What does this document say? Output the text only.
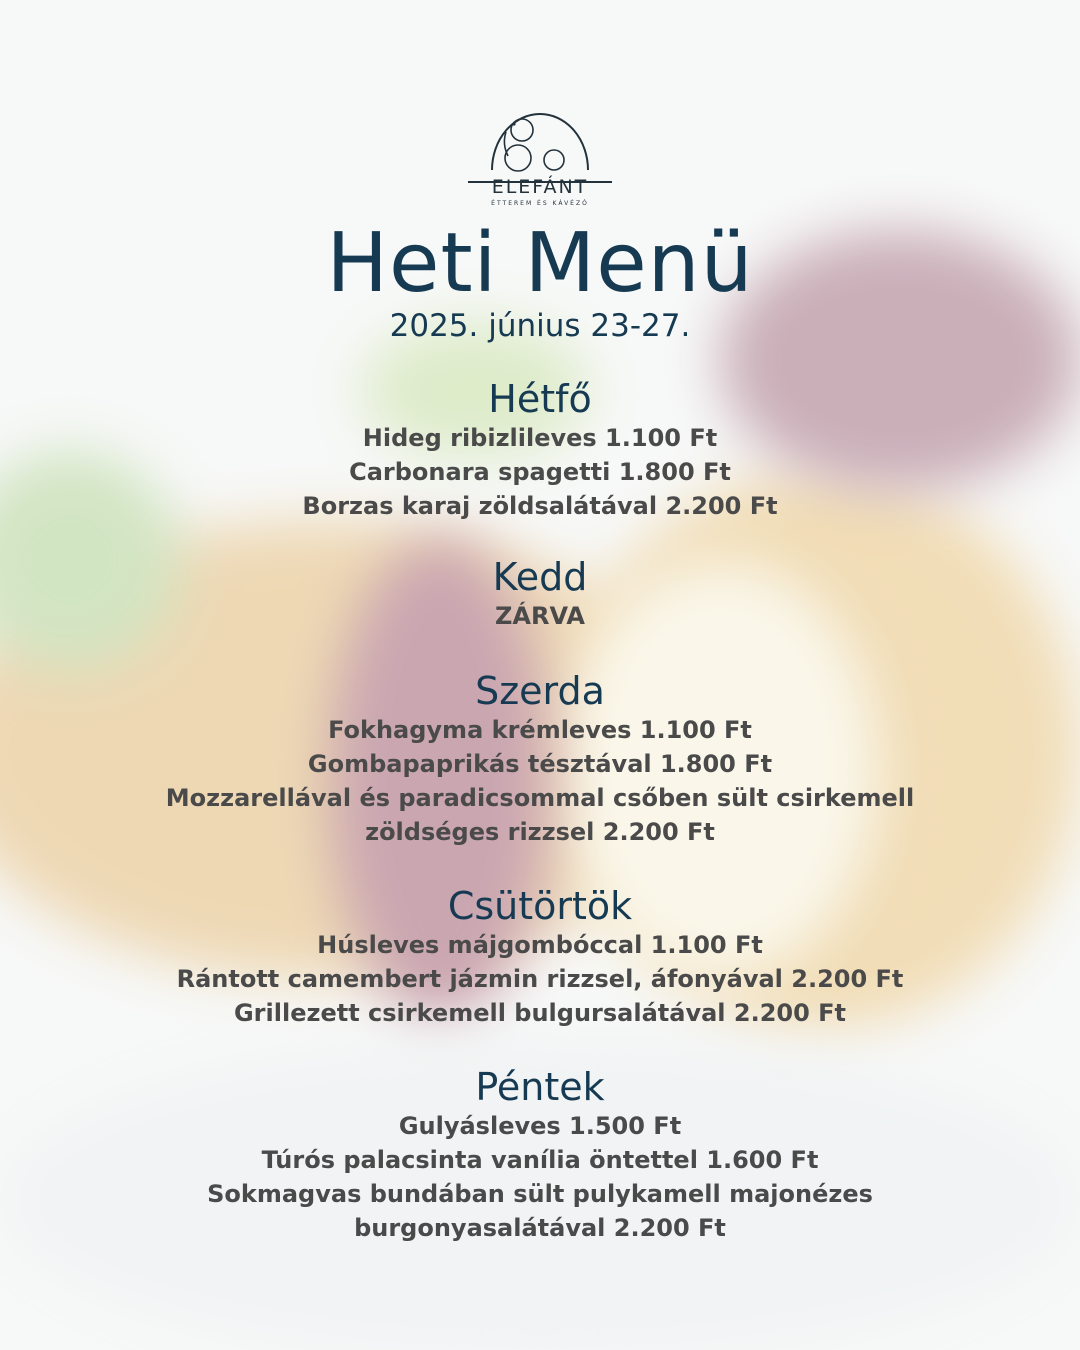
ELEFÁNT
ÉTTEREM ÉS KÁVÉZÓ
Heti Menü
2025. június 23-27.
Hétfő
Hideg ribizlileves 1.100 Ft
Carbonara spagetti 1.800 Ft
Borzas karaj zöldsalátával 2.200 Ft
Kedd
ZÁRVA
Szerda
Fokhagyma krémleves 1.100 Ft
Gombapaprikás tésztával 1.800 Ft
Mozzarellával és paradicsommal csőben sült csirkemell
zöldséges rizzsel 2.200 Ft
Csütörtök
Húsleves májgombóccal 1.100 Ft
Rántott camembert jázmin rizzsel, áfonyával 2.200 Ft
Grillezett csirkemell bulgursalátával 2.200 Ft
Péntek
Gulyásleves 1.500 Ft
Túrós palacsinta vanília öntettel 1.600 Ft
Sokmagvas bundában sült pulykamell majonézes
burgonyasalátával 2.200 Ft
